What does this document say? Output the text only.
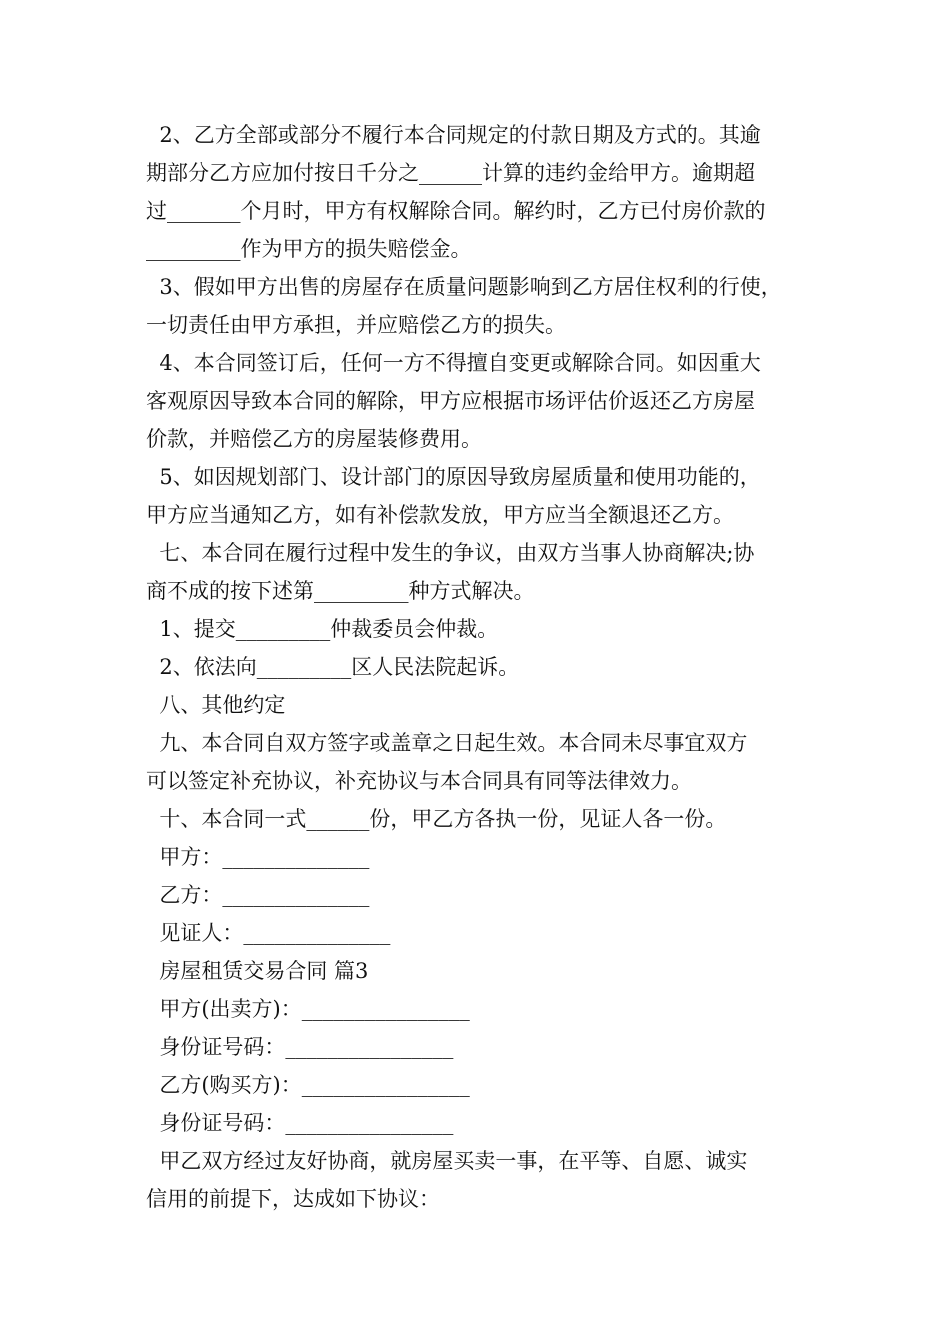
2、乙方全部或部分不履行本合同规定的付款日期及方式的。其逾
期部分乙方应加付按日千分之______计算的违约金给甲方。逾期超
过_______个月时，甲方有权解除合同。解约时，乙方已付房价款的
_________作为甲方的损失赔偿金。
3、假如甲方出售的房屋存在质量问题影响到乙方居住权利的行使，
一切责任由甲方承担，并应赔偿乙方的损失。
4、本合同签订后，任何一方不得擅自变更或解除合同。如因重大
客观原因导致本合同的解除，甲方应根据市场评估价返还乙方房屋
价款，并赔偿乙方的房屋装修费用。
5、如因规划部门、设计部门的原因导致房屋质量和使用功能的，
甲方应当通知乙方，如有补偿款发放，甲方应当全额退还乙方。
七、本合同在履行过程中发生的争议，由双方当事人协商解决;协
商不成的按下述第_________种方式解决。
1、提交_________仲裁委员会仲裁。
2、依法向_________区人民法院起诉。
八、其他约定
九、本合同自双方签字或盖章之日起生效。本合同未尽事宜双方
可以签定补充协议，补充协议与本合同具有同等法律效力。
十、本合同一式______份，甲乙方各执一份，见证人各一份。
甲方：______________
乙方：______________
见证人：______________
房屋租赁交易合同 篇3
甲方(出卖方)：________________
身份证号码：________________
乙方(购买方)：________________
身份证号码：________________
甲乙双方经过友好协商，就房屋买卖一事，在平等、自愿、诚实
信用的前提下，达成如下协议：
